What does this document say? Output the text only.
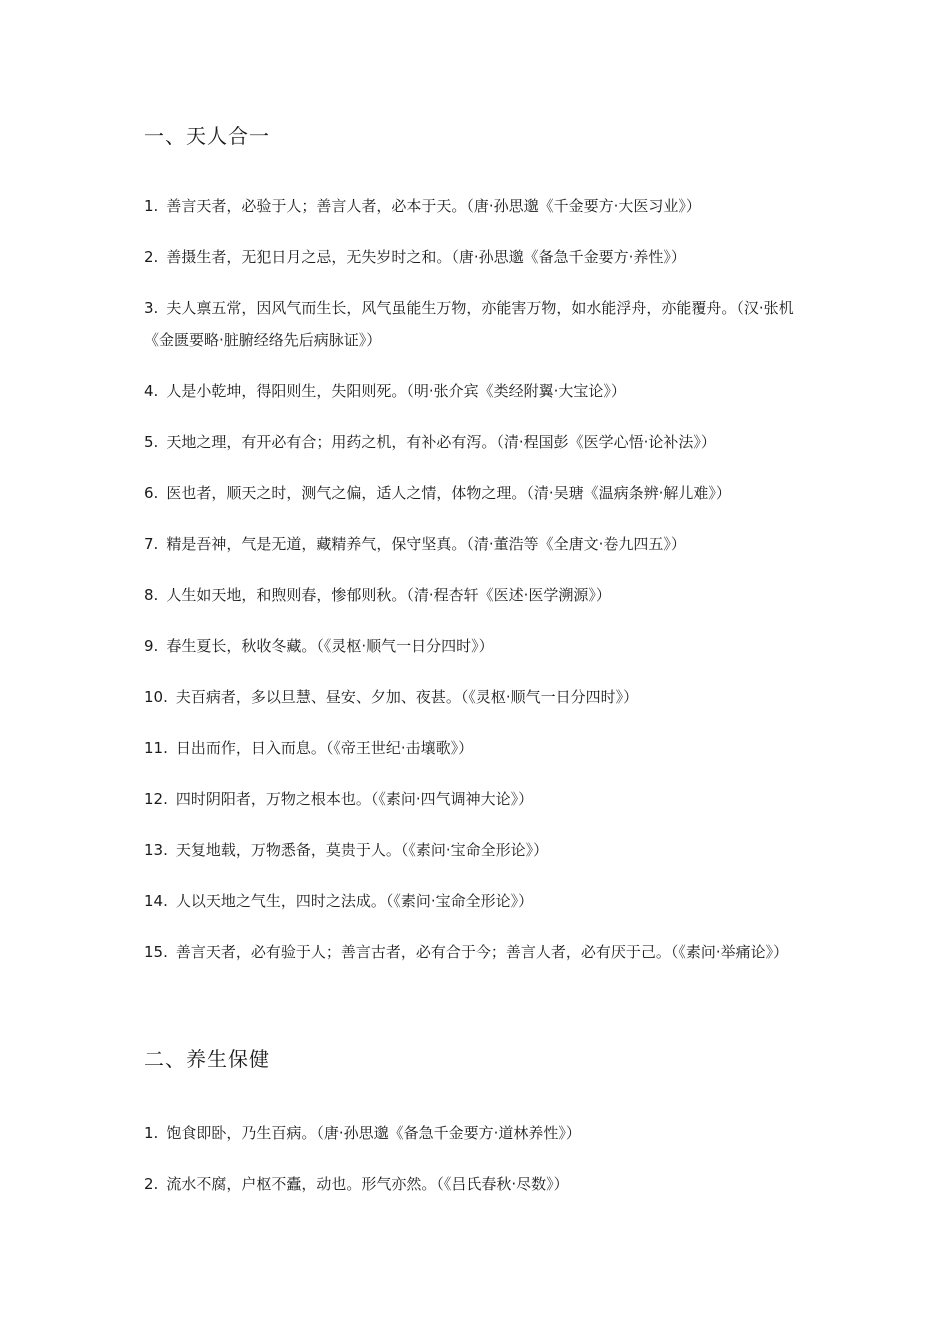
一、天人合一
1. 善言天者，必验于人；善言人者，必本于天。（唐·孙思邈《千金要方·大医习业》）
2. 善摄生者，无犯日月之忌，无失岁时之和。（唐·孙思邈《备急千金要方·养性》）
3. 夫人禀五常，因风气而生长，风气虽能生万物，亦能害万物，如水能浮舟，亦能覆舟。（汉·张机《金匮要略·脏腑经络先后病脉证》）
4. 人是小乾坤，得阳则生，失阳则死。（明·张介宾《类经附翼·大宝论》）
5. 天地之理，有开必有合；用药之机，有补必有泻。（清·程国彭《医学心悟·论补法》）
6. 医也者，顺天之时，测气之偏，适人之情，体物之理。（清·吴瑭《温病条辨·解儿难》）
7. 精是吾神，气是无道，藏精养气，保守坚真。（清·董浩等《全唐文·卷九四五》）
8. 人生如天地，和煦则春，惨郁则秋。（清·程杏轩《医述·医学溯源》）
9. 春生夏长，秋收冬藏。（《灵枢·顺气一日分四时》）
10. 夫百病者，多以旦慧、昼安、夕加、夜甚。（《灵枢·顺气一日分四时》）
11. 日出而作，日入而息。（《帝王世纪·击壤歌》）
12. 四时阴阳者，万物之根本也。（《素问·四气调神大论》）
13. 天复地载，万物悉备，莫贵于人。（《素问·宝命全形论》）
14. 人以天地之气生，四时之法成。（《素问·宝命全形论》）
15. 善言天者，必有验于人；善言古者，必有合于今；善言人者，必有厌于己。（《素问·举痛论》）
二、养生保健
1. 饱食即卧，乃生百病。（唐·孙思邈《备急千金要方·道林养性》）
2. 流水不腐，户枢不蠹，动也。形气亦然。（《吕氏春秋·尽数》）
